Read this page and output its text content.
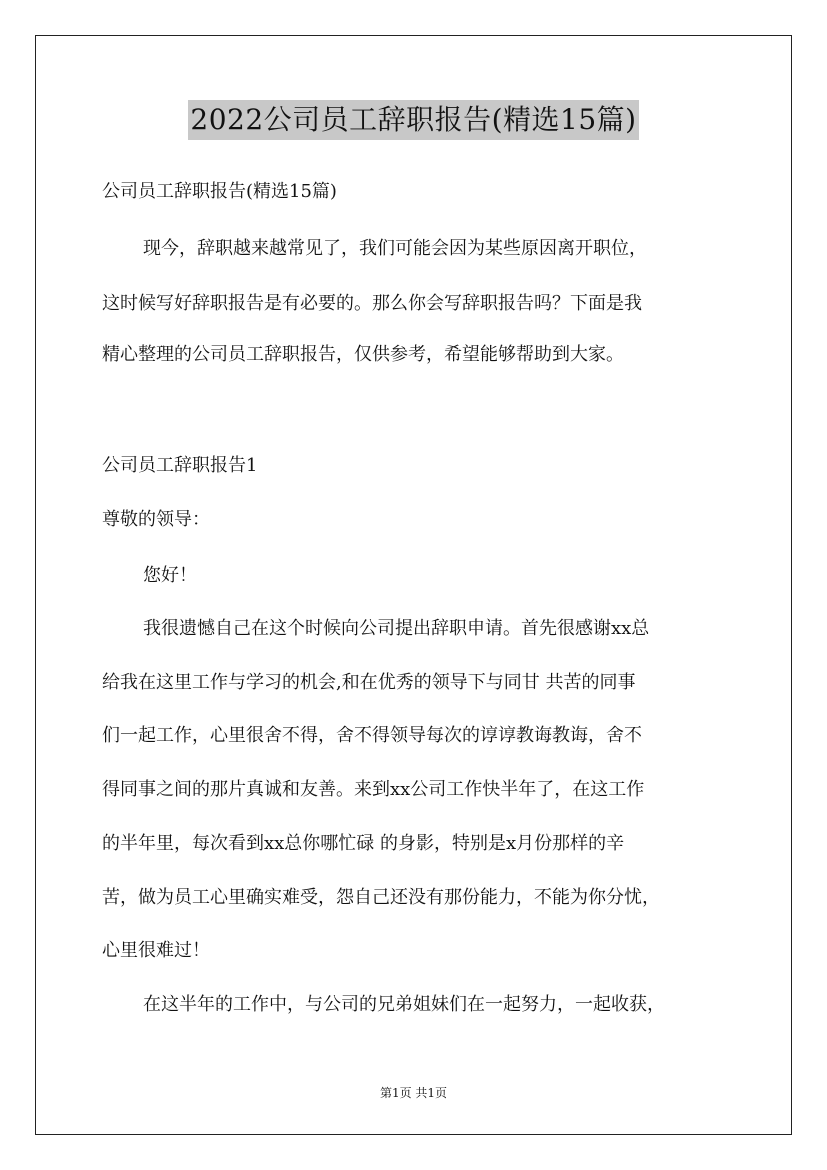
2022公司员工辞职报告(精选15篇)
公司员工辞职报告(精选15篇)
现今，辞职越来越常见了，我们可能会因为某些原因离开职位，
这时候写好辞职报告是有必要的。那么你会写辞职报告吗？下面是我
精心整理的公司员工辞职报告，仅供参考，希望能够帮助到大家。
公司员工辞职报告1
尊敬的领导：
您好！
我很遗憾自己在这个时候向公司提出辞职申请。首先很感谢xx总
给我在这里工作与学习的机会,和在优秀的领导下与同甘 共苦的同事
们一起工作，心里很舍不得，舍不得领导每次的谆谆教诲教诲，舍不
得同事之间的那片真诚和友善。来到xx公司工作快半年了，在这工作
的半年里，每次看到xx总你哪忙碌 的身影，特别是x月份那样的辛
苦，做为员工心里确实难受，怨自己还没有那份能力，不能为你分忧，
心里很难过！
在这半年的工作中，与公司的兄弟姐妹们在一起努力，一起收获，
第1页 共1页
